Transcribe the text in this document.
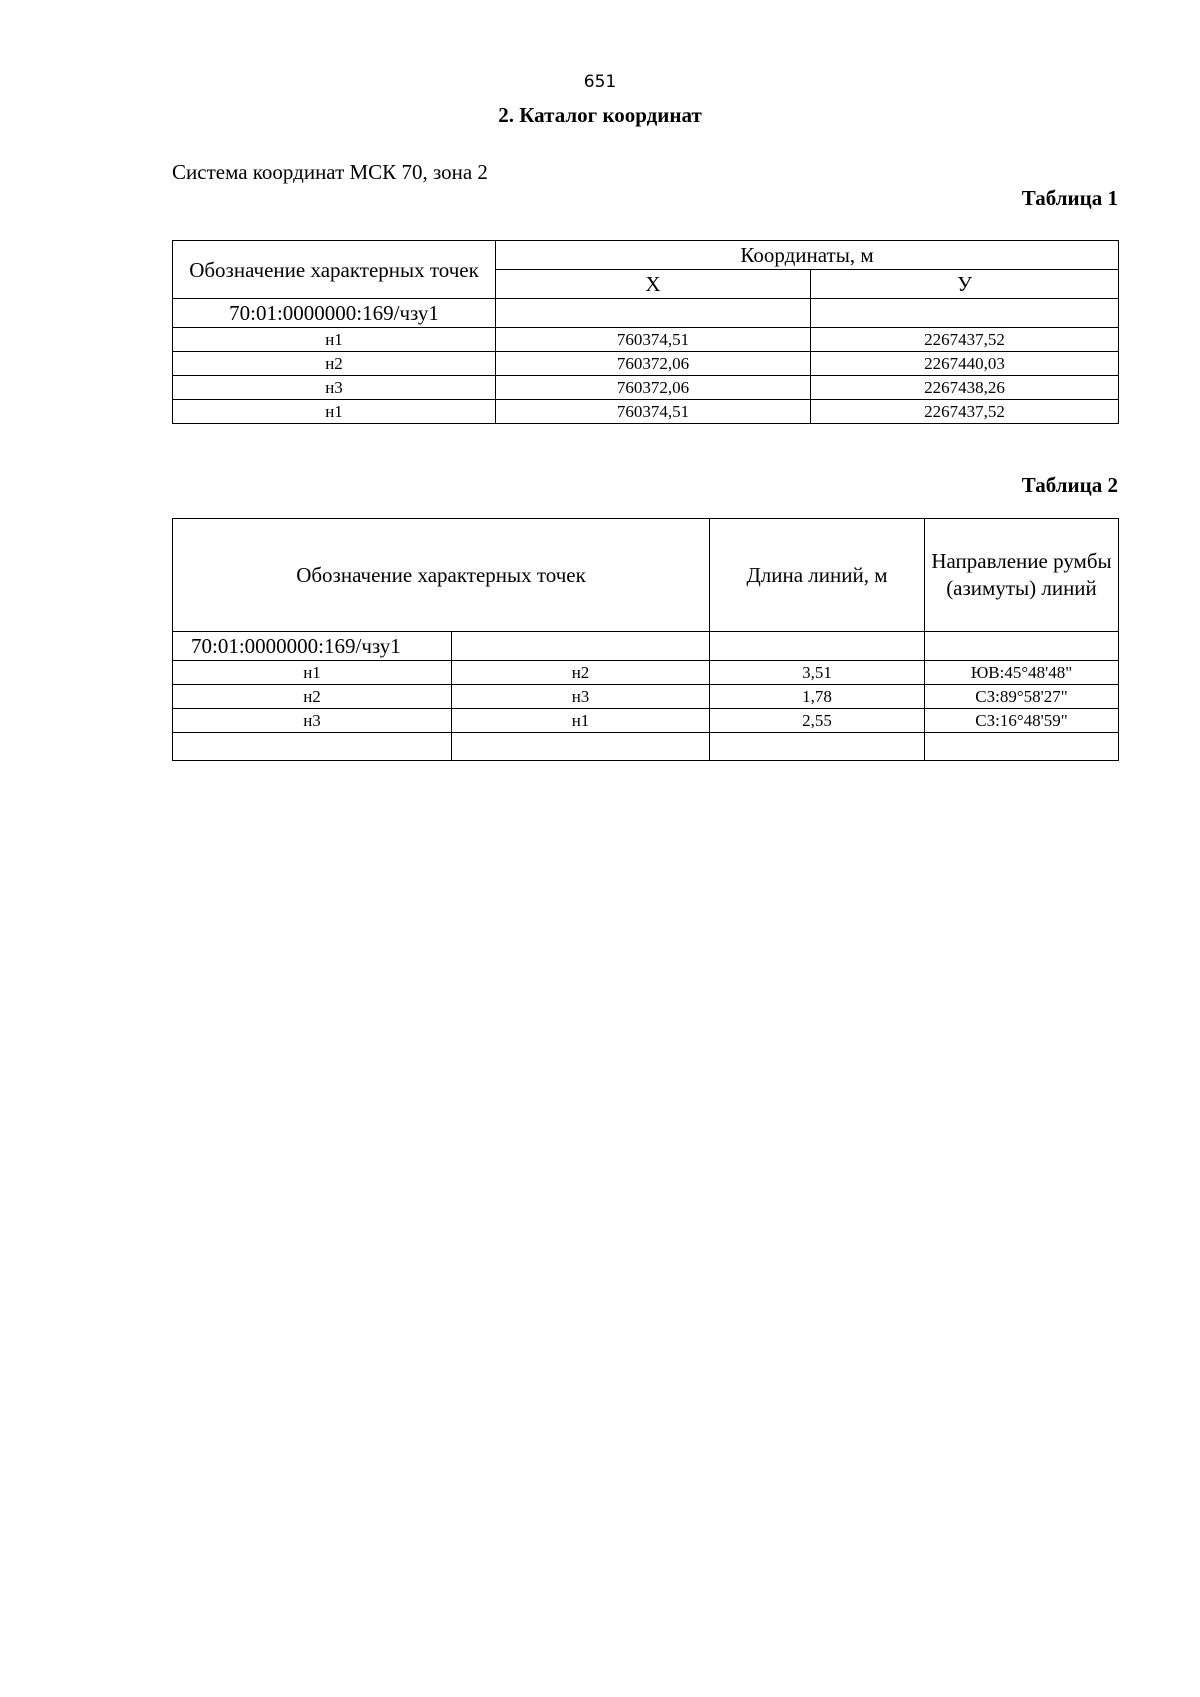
651
2. Каталог координат
Система координат МСК 70, зона 2
Таблица 1
Обозначение характерных точек	Координаты, м	
	Х	У
70:01:0000000:169/чзу1		
н1	760374,51	2267437,52
н2	760372,06	2267440,03
н3	760372,06	2267438,26
н1	760374,51	2267437,52
Таблица 2
Обозначение характерных точек		Длина линий, м	Направление румбы (азимуты) линий
70:01:0000000:169/чзу1			
н1	н2	3,51	ЮВ:45°48'48"
н2	н3	1,78	СЗ:89°58'27"
н3	н1	2,55	СЗ:16°48'59"
